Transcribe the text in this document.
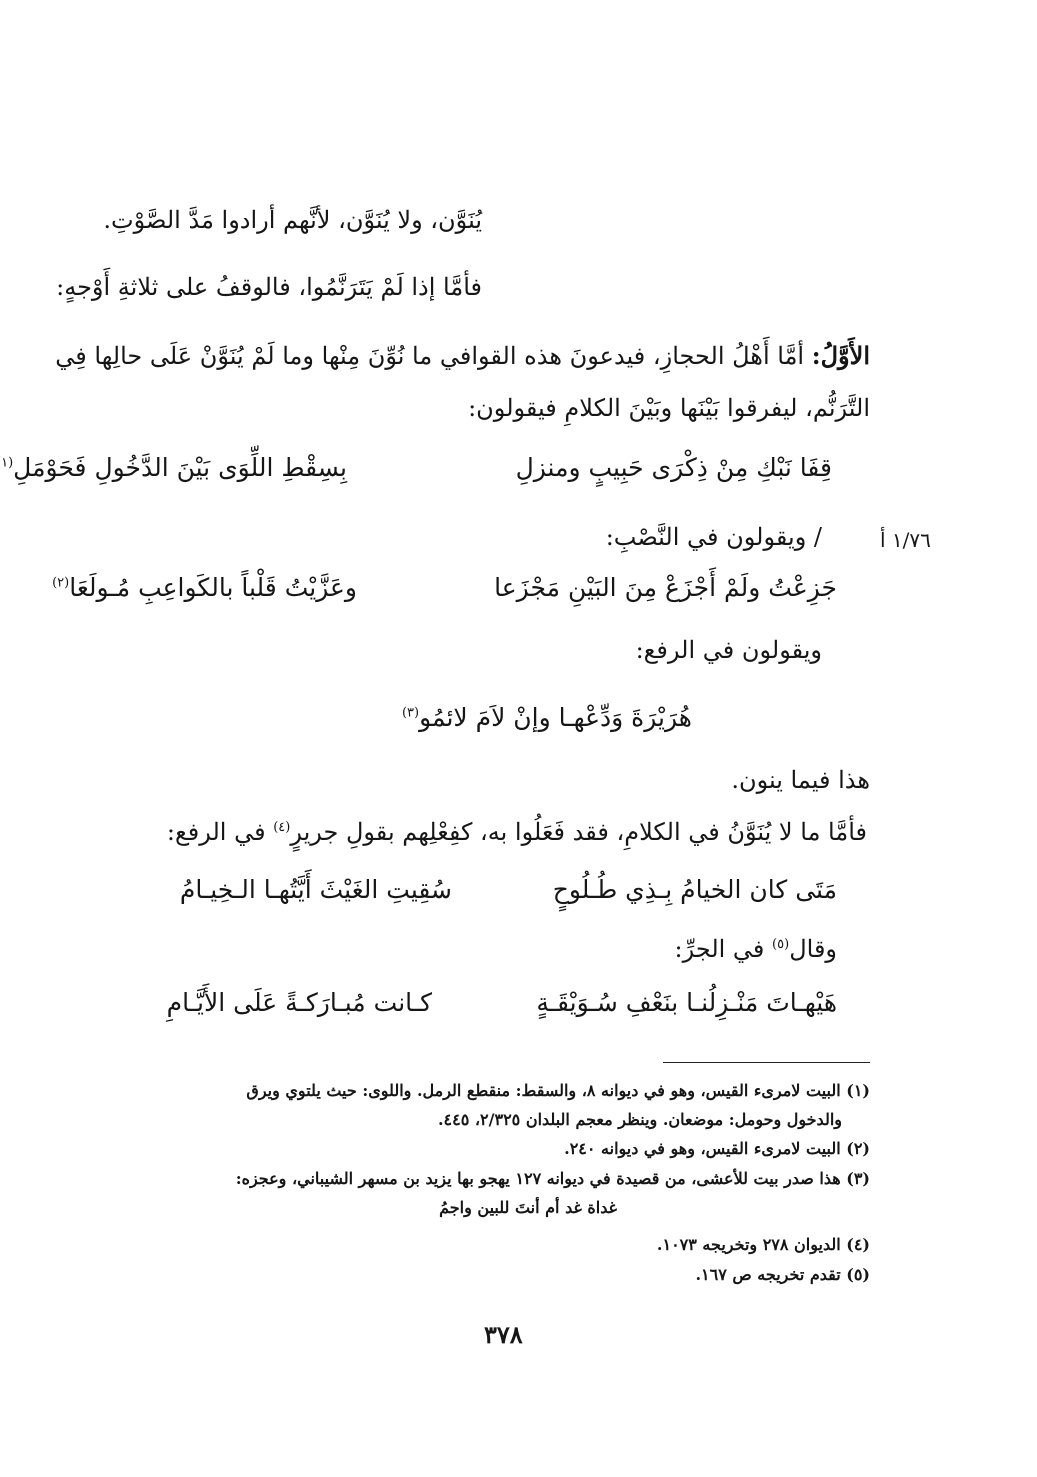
يُنَوَّن، ولا يُنَوَّن، لأنَّهم أرادوا مَدَّ الصَّوْتِ.
فأمَّا إذا لَمْ يَتَرَنَّمُوا، فالوقفُ على ثلاثةِ أَوْجهٍ:
الأَوَّلُ: أمَّا أَهْلُ الحجازِ، فيدعونَ هذه القوافي ما نُوِّنَ مِنْها وما لَمْ يُنَوَّنْ عَلَى حالِها فِي
التَّرَنُّم، ليفرقوا بَيْنَها وبَيْنَ الكلامِ فيقولون:
قِفَا نَبْكِ مِنْ ذِكْرَى حَبِيبٍ ومنزلِ
بِسِقْطِ اللِّوَى بَيْنَ الدَّخُولِ فَحَوْمَلِ$^{(١}$
/ ويقولون في النَّصْبِ:	١/٧٦ أ
جَزِعْتُ ولَمْ أَجْزَعْ مِنَ البَيْنِ مَجْزَعا
وعَزَّيْتُ قَلْباً بالكَواعِبِ مُـولَعَا$^{(٢)}$
ويقولون في الرفع:
هُرَيْرَةَ وَدِّعْهـا وإنْ لاَمَ لائمُو$^{(٣)}$
هذا فيما ينون.
فأمَّا ما لا يُنَوَّنُ في الكلامِ، فقد فَعَلُوا به، كفِعْلِهم بقولِ جريرٍ$^{(٤)}$ في الرفع:
مَتَى كان الخيامُ بِـذِي طُـلُوحٍ
سُقِيتِ الغَيْثَ أَيَّتُهـا الـخِيـامُ
وقال$^{(٥)}$ في الجرِّ:
هَيْهـاتَ مَنْـزِلُنـا بنَعْفِ سُـوَيْقَـةٍ
كـانت مُبـارَكـةً عَلَى الأَيَّـامِ
(١) البيت لامرىء القيس، وهو في ديوانه ٨، والسقط: منقطع الرمل. واللوى: حيث يلتوي ويرق
والدخول وحومل: موضعان. وينظر معجم البلدان ٢/٣٢٥، ٤٤٥.
(٢) البيت لامرىء القيس، وهو في ديوانه ٢٤٠.
(٣) هذا صدر بيت للأعشى، من قصيدة في ديوانه ١٢٧ يهجو بها يزيد بن مسهر الشيباني، وعجزه:
غداة غد أم أنتَ للبين واجمُ
(٤) الديوان ٢٧٨ وتخريجه ١٠٧٣.
(٥) تقدم تخريجه ص ١٦٧.
٣٧٨
